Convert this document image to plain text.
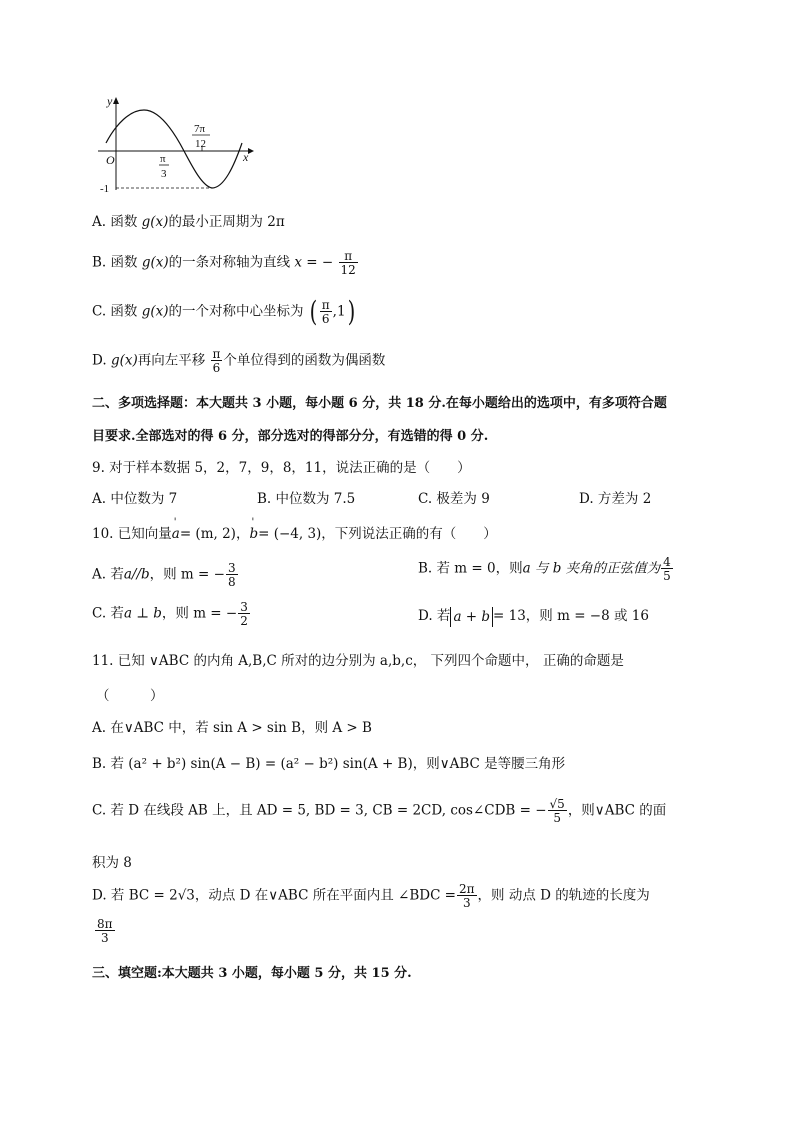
y
x
O	π
3
7π
12
-1
A. 函数 g(x)的最小正周期为 2π
B. 函数 g(x)的一条对称轴为直线 x = − $\frac{\pi}{12}$
C. 函数 g(x)的一个对称中心坐标为 ( $\frac{\pi}{6} ,1$)
D. g(x)再向左平移 $\frac{\pi}{6}$ 个单位得到的函数为偶函数
二、多项选择题：本大题共 3 小题，每小题 6 分，共 18 分.在每小题给出的选项中，有多项符合题
目要求.全部选对的得 6 分，部分选对的得部分分，有选错的得 0 分.
9. 对于样本数据 5，2，7，9，8，11，说法正确的是（　　）
A. 中位数为 7	B. 中位数为 7.5	C. 极差为 9	D. 方差为 2
10. 已知向量' a= (m, 2)，' b= (−4, 3)，下列说法正确的有（　　）
A. 若a//b，则 m = − $\frac{3}{8}$	B. 若 m = 0，则a 与 b 夹角的正弦值为 $\frac{4}{5}$
C. 若a ⊥ b，则 m = − $\frac{3}{2}$	D. 若 a + b = 13，则 m = −8 或 16
11. 已知 ∨ABC 的内角 A,B,C 所对的边分别为 a,b,c， 下列四个命题中， 正确的命题是
（　　　）
A. 在∨ABC 中，若 sin A > sin B，则 A > B
B. 若 (a² + b²) sin(A − B) = (a² − b²) sin(A + B)，则∨ABC 是等腰三角形
C. 若 D 在线段 AB 上，且 AD = 5, BD = 3, CB = 2CD, cos∠CDB = − $\frac{√5}{5}$ ，则∨ABC 的面
积为 8
D. 若 BC = 2√3，动点 D 在∨ABC 所在平面内且 ∠BDC = $\frac{2\pi}{3}$ ，则 动点 D 的轨迹的长度为
$\frac{8\pi}{3}$
三、填空题:本大题共 3 小题，每小题 5 分，共 15 分.
